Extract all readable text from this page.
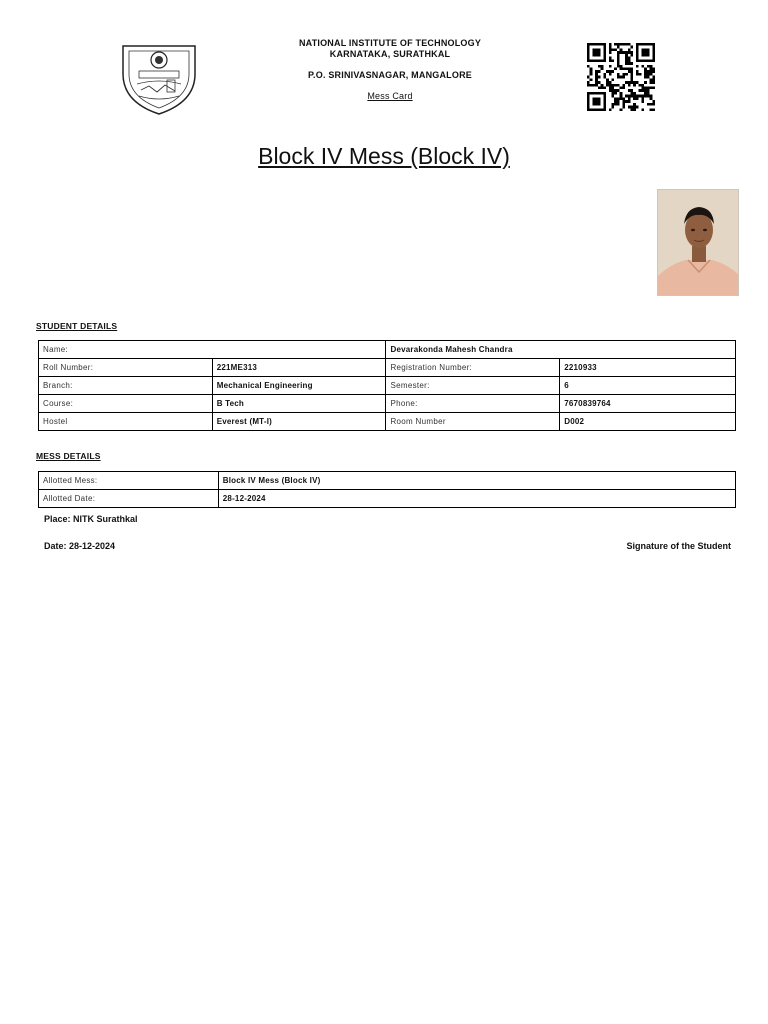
NATIONAL INSTITUTE OF TECHNOLOGY
KARNATAKA, SURATHKAL
P.O. SRINIVASNAGAR, MANGALORE
Mess Card
Block IV Mess (Block IV)
STUDENT DETAILS
Name:		Devarakonda Mahesh Chandra	
Roll Number:	221ME313	Registration Number:	2210933
Branch:	Mechanical Engineering	Semester:	6
Course:	B Tech	Phone:	7670839764
Hostel	Everest (MT-I)	Room Number	D002
MESS DETAILS
Allotted Mess:	Block IV Mess (Block IV)
Allotted Date:	28-12-2024
Place: NITK Surathkal
Date: 28-12-2024	Signature of the Student
